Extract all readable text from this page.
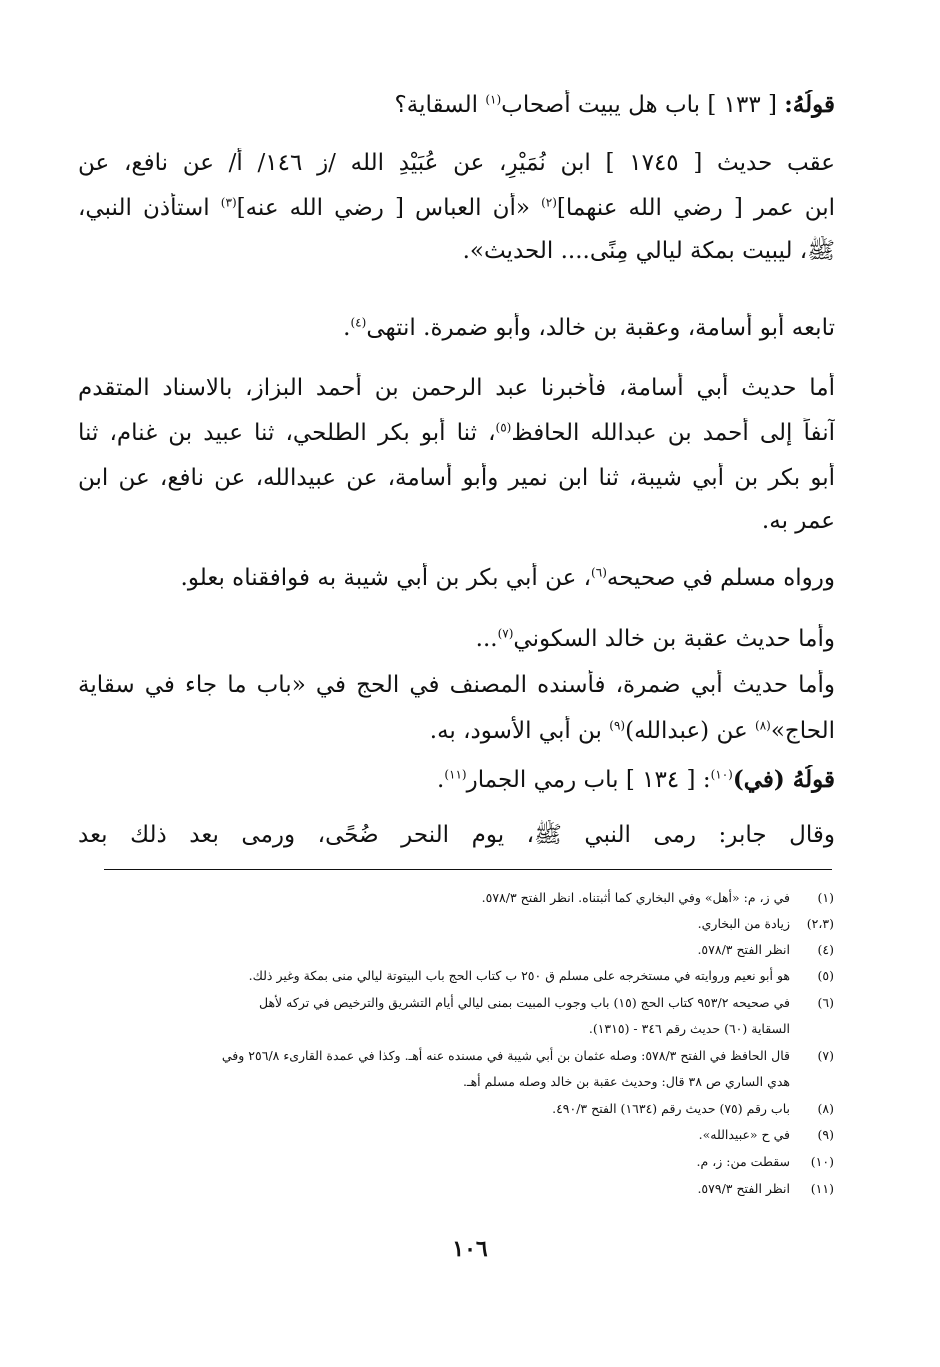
قولُهُ: [ ١٣٣ ] باب هل يبيت أصحاب$^{(١)}$ السقاية؟
عقب حديث [ ١٧٤٥ ] ابن نُمَيْرٍ، عن عُبَيْدِ الله /ز ١٤٦/ أ/ عن نافع، عن
ابن عمر [ رضي الله عنهما]$^{(٢)}$ «أن العباس [ رضي الله عنه]$^{(٣)}$ استأذن النبي،
ﷺ، ليبيت بمكة ليالي مِنًى.... الحديث».
تابعه أبو أسامة، وعقبة بن خالد، وأبو ضمرة. انتهى$^{(٤)}$.
أما حديث أبي أسامة، فأخبرنا عبد الرحمن بن أحمد البزاز، بالاسناد المتقدم
آنفاً إلى أحمد بن عبدالله الحافظ$^{(٥)}$، ثنا أبو بكر الطلحي، ثنا عبيد بن غنام، ثنا
أبو بكر بن أبي شيبة، ثنا ابن نمير وأبو أسامة، عن عبيدالله، عن نافع، عن ابن
عمر به.
ورواه مسلم في صحيحه$^{(٦)}$، عن أبي بكر بن أبي شيبة به فوافقناه بعلو.
وأما حديث عقبة بن خالد السكوني$^{(٧)}$...
وأما حديث أبي ضمرة، فأسنده المصنف في الحج في «باب ما جاء في سقاية
الحاج»$^{(٨)}$ عن (عبدالله)$^{(٩)}$ بن أبي الأسود، به.
قولُهُ (في)$^{(١٠)}$: [ ١٣٤ ] باب رمي الجمار$^{(١١)}$.
وقال جابر: رمى النبي ﷺ، يوم النحر ضُحًى، ورمى بعد ذلك بعد
(١)في ز، م: «أهل» وفي البخاري كما أثبتناه. انظر الفتح ٥٧٨/٣.
(٢،٣)زيادة من البخاري.
(٤)انظر الفتح ٥٧٨/٣.
(٥)هو أبو نعيم وروايته في مستخرجه على مسلم ق ٢٥٠ ب كتاب الحج باب البيتوتة ليالي منى بمكة وغير ذلك.
(٦)في صحيحه ٩٥٣/٢ كتاب الحج (١٥) باب وجوب المبيت بمنى ليالي أيام التشريق والترخيص في تركه لأهل
السقاية (٦٠) حديث رقم ٣٤٦ - (١٣١٥).
(٧)قال الحافظ في الفتح ٥٧٨/٣: وصله عثمان بن أبي شيبة في مسنده عنه أهـ. وكذا في عمدة القارىء ٢٥٦/٨ وفي
هدي الساري ص ٣٨ قال: وحديث عقبة بن خالد وصله مسلم أهـ.
(٨)باب رقم (٧٥) حديث رقم (١٦٣٤) الفتح ٤٩٠/٣.
(٩)في ح «عبيدالله».
(١٠)سقطت من: ز، م.
(١١)انظر الفتح ٥٧٩/٣.
١٠٦
